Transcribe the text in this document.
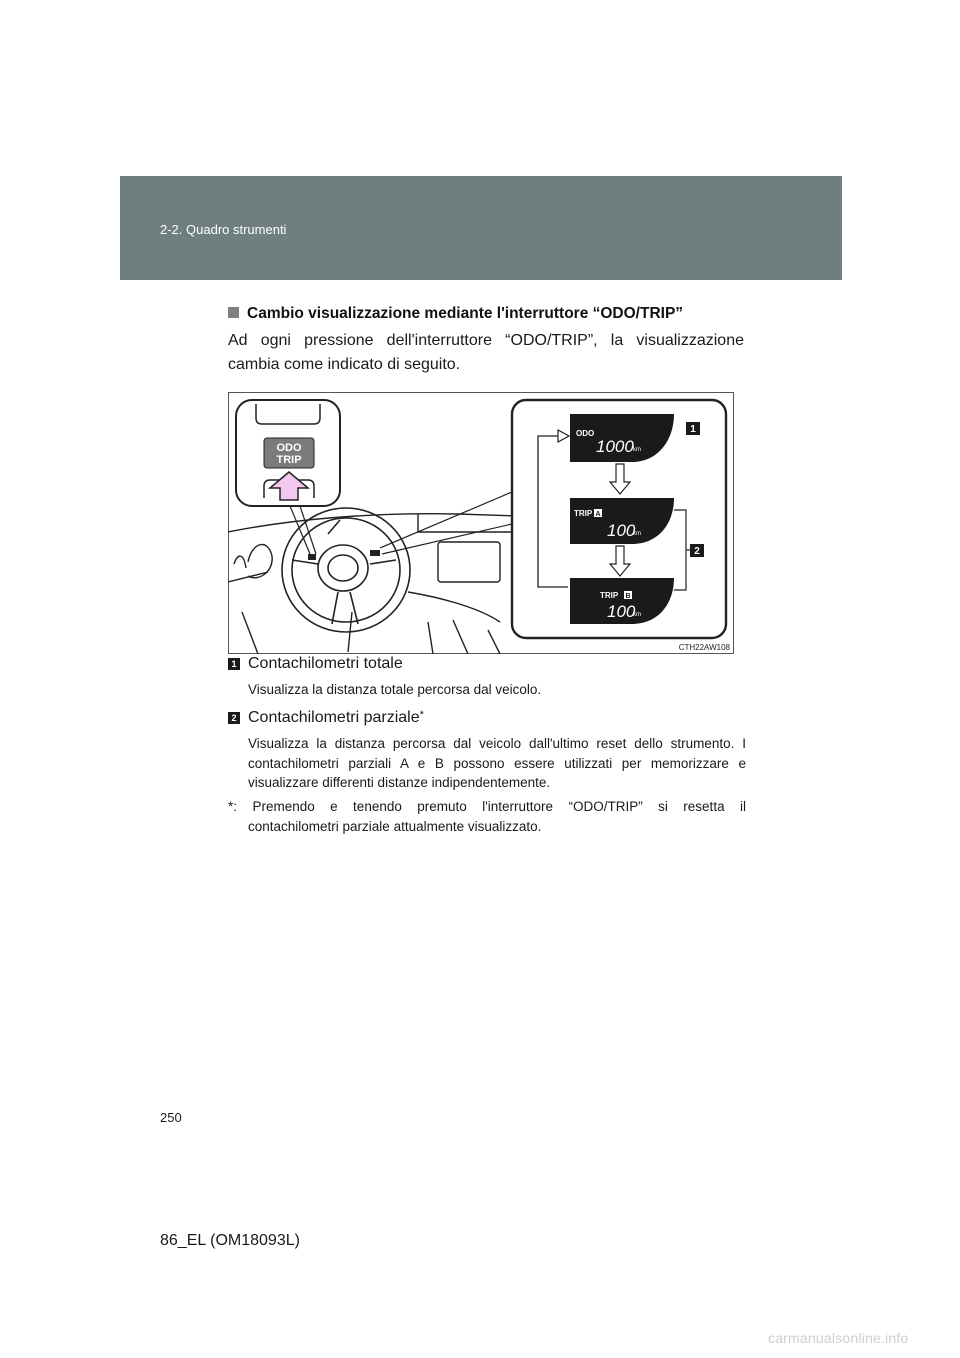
2-2. Quadro strumenti
Cambio visualizzazione mediante l'interruttore “ODO/TRIP”
Ad ogni pressione dell'interruttore “ODO/TRIP”, la visualizzazione
cambia come indicato di seguito.
ODO
TRIP
ODO
1000 km
TRIP A
100
km
TRIP B
100
km
1
2
CTH22AW108
1 Contachilometri totale
Visualizza la distanza totale percorsa dal veicolo.
2 Contachilometri parziale*
Visualizza la distanza percorsa dal veicolo dall'ultimo reset dello strumento. I contachilometri parziali A e B possono essere utilizzati per memorizzare e visualizzare differenti distanze indipendentemente.
*: Premendo e tenendo premuto l'interruttore “ODO/TRIP” si resetta il
contachilometri parziale attualmente visualizzato.
250
86_EL (OM18093L)
carmanualsonline.info
